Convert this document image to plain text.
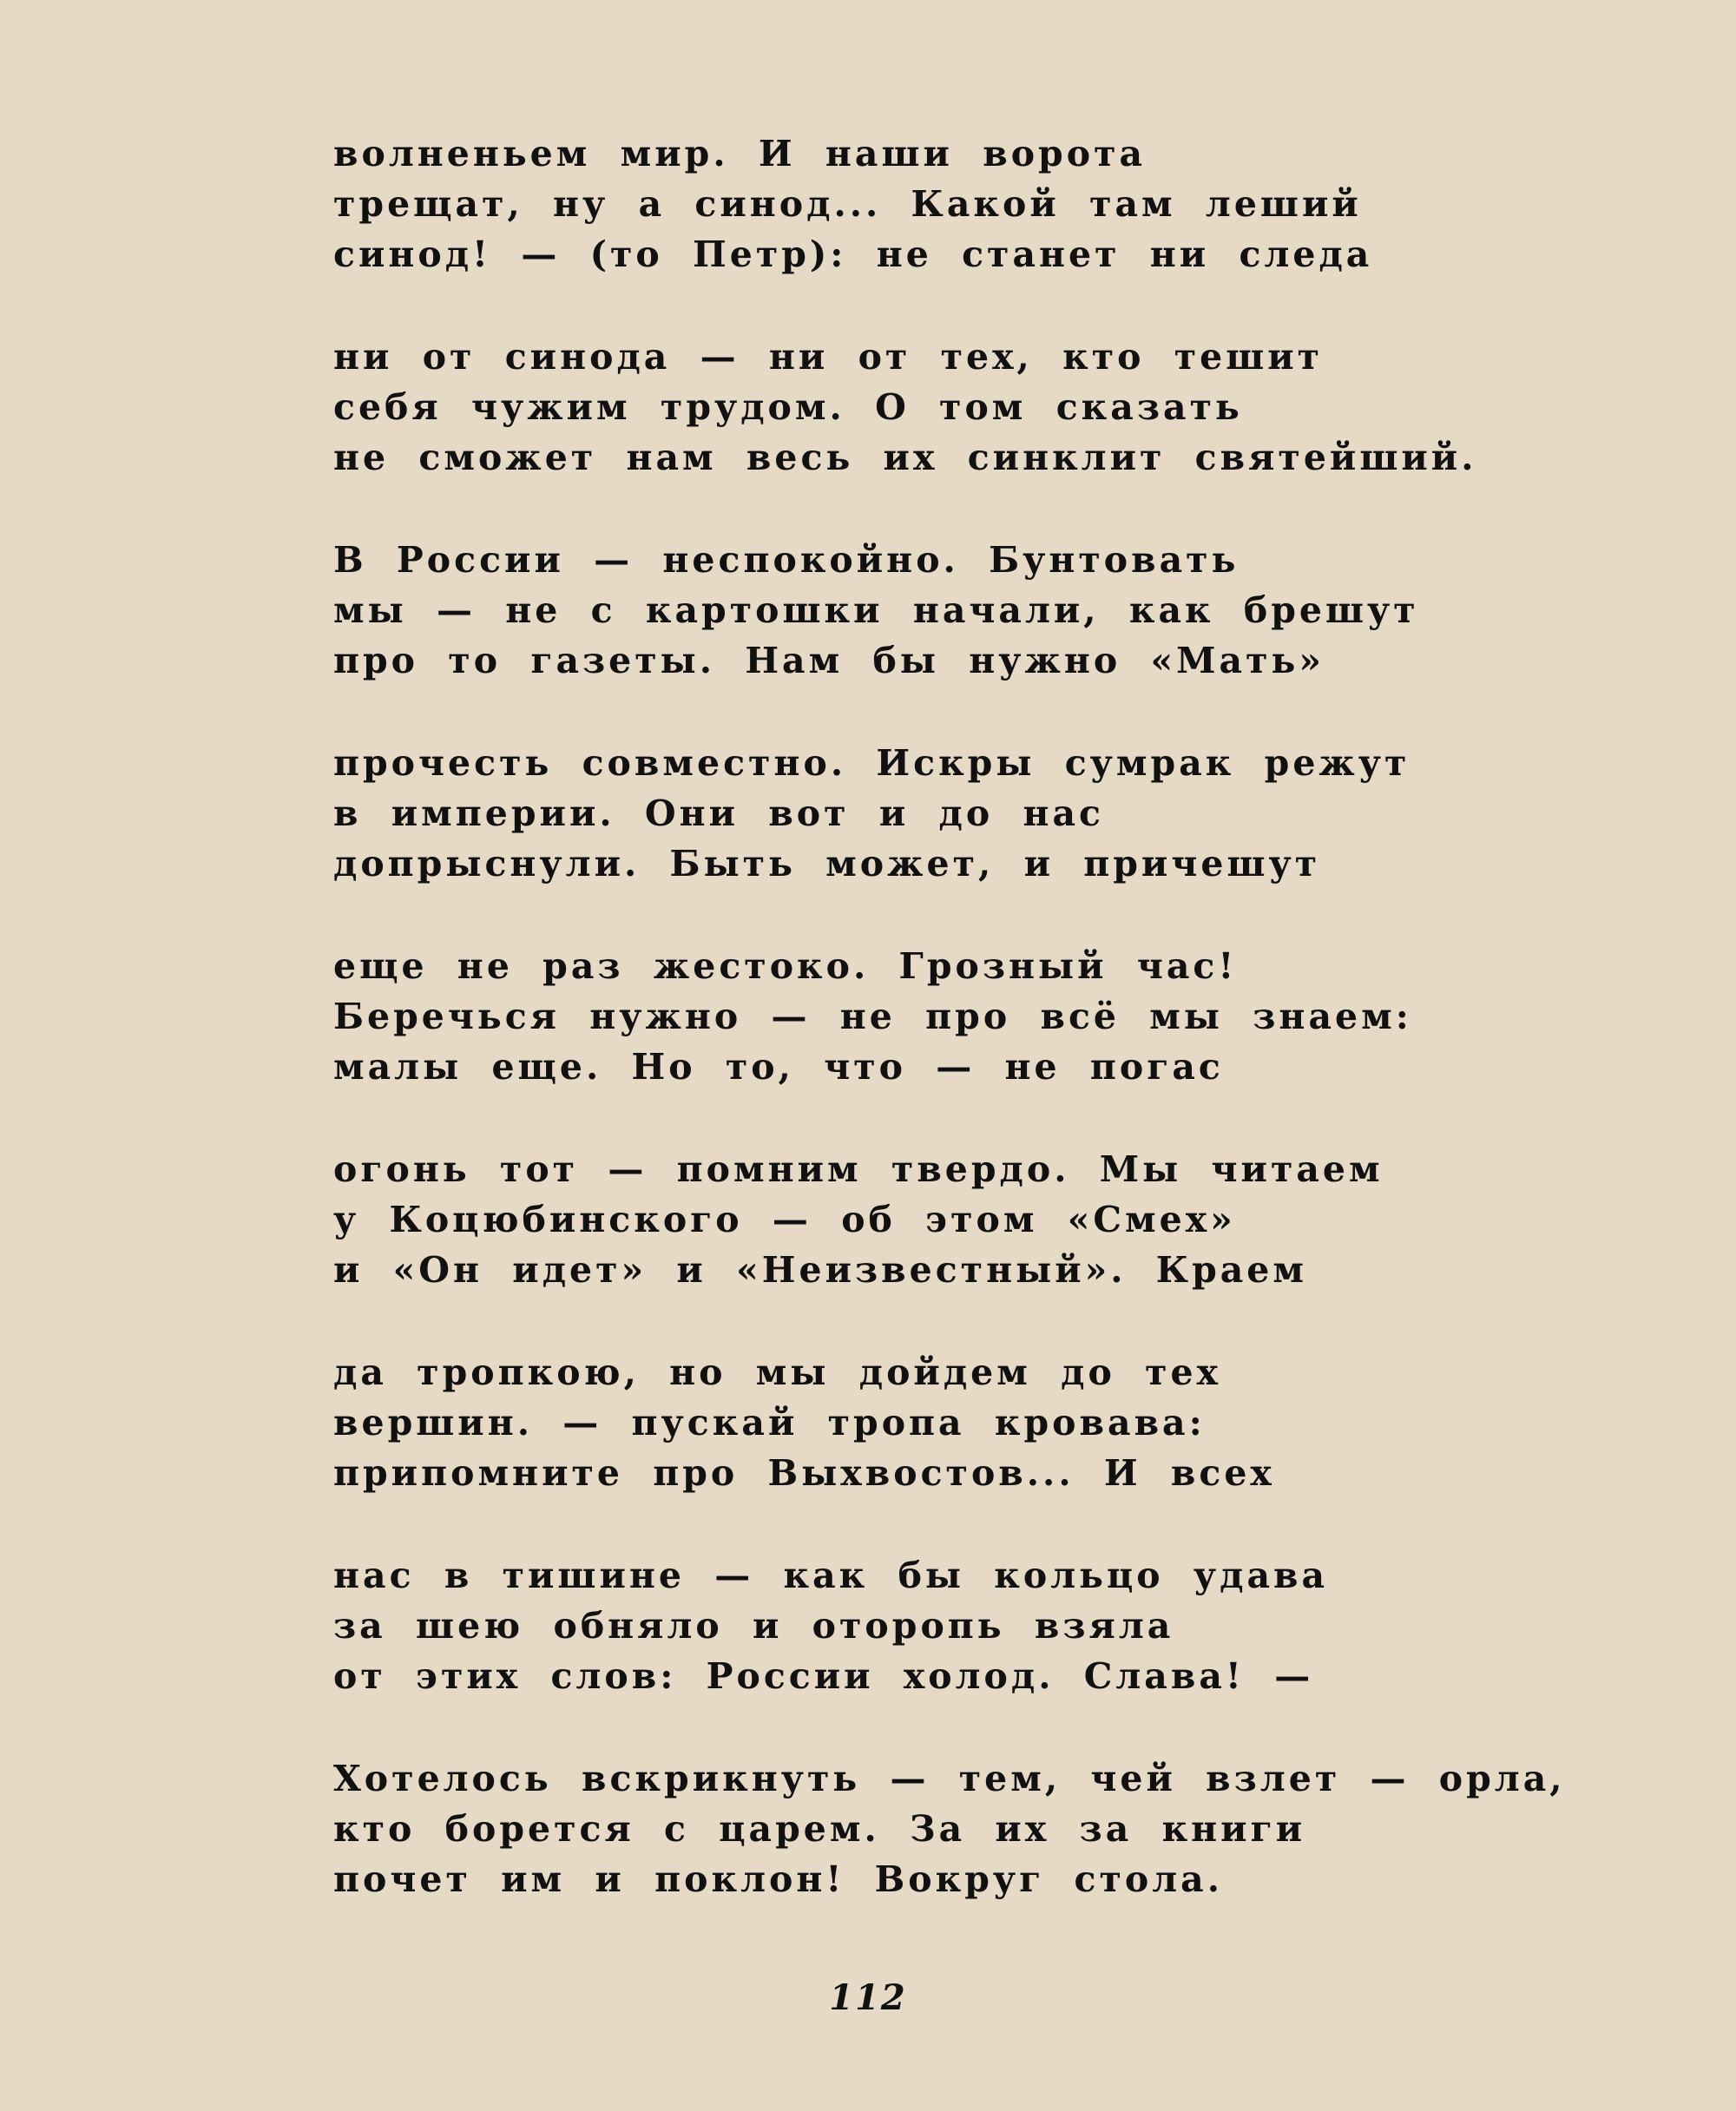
волненьем мир. И наши ворота
трещат, ну а синод... Какой там леший
синод! — (то Петр): не станет ни следа
ни от синода — ни от тех, кто тешит
себя чужим трудом. О том сказать
не сможет нам весь их синклит святейший.
В России — неспокойно. Бунтовать
мы — не с картошки начали, как брешут
про то газеты. Нам бы нужно «Мать»
прочесть совместно. Искры сумрак режут
в империи. Они вот и до нас
допрыснули. Быть может, и причешут
еще не раз жестоко. Грозный час!
Беречься нужно — не про всё мы знаем:
малы еще. Но то, что — не погас
огонь тот — помним твердо. Мы читаем
у Коцюбинского — об этом «Смех»
и «Он идет» и «Неизвестный». Краем
да тропкою, но мы дойдем до тех
вершин. — пускай тропа кровава:
припомните про Выхвостов... И всех
нас в тишине — как бы кольцо удава
за шею обняло и оторопь взяла
от этих слов: России холод. Слава! —
Хотелось вскрикнуть — тем, чей взлет — орла,
кто борется с царем. За их за книги
почет им и поклон! Вокруг стола.
112
